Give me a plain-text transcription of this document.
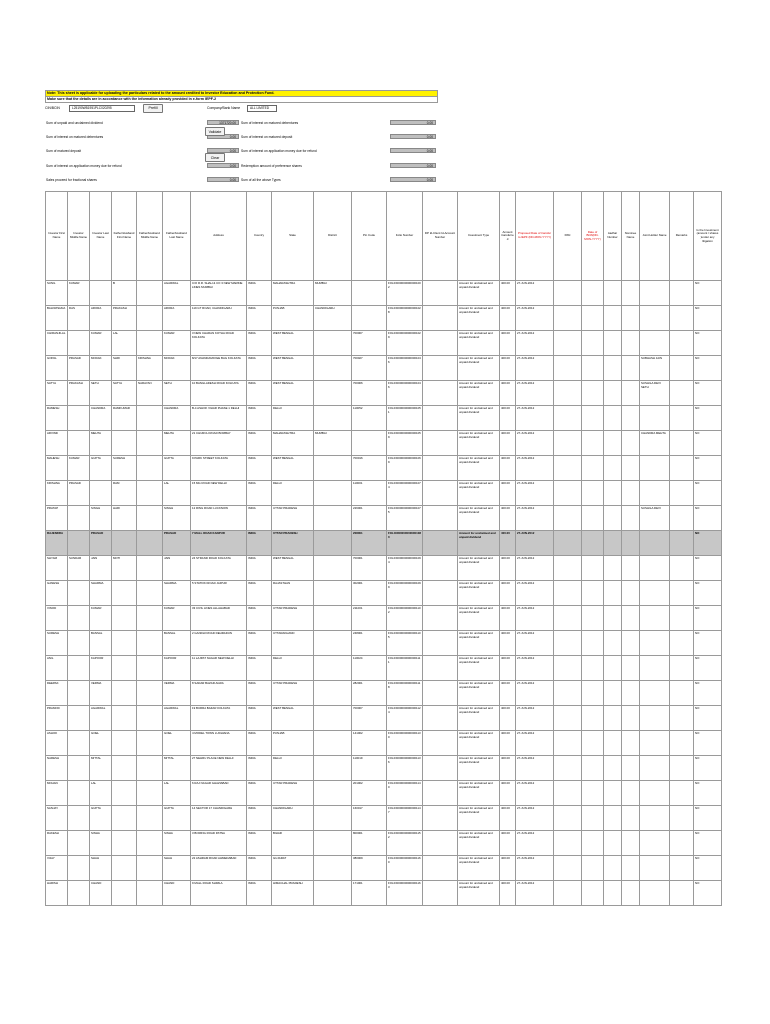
Note: This sheet is applicable for uploading the particulars related to the amount credited to Investor Education and Protection Fund.
Make sure that the details are in accordance with the information already provided in e-form IEPF-2
CIN/BCIN	L25190WB1951PLC020295	Prefill	Company/Bank Name	ALL LIMITED
Sum of unpaid and unclaimed dividend	1371720.00
Sum of interest on matured debentures	0.00
Sum of matured deposit	0.00
Sum of interest on application money due for refund	0.00
Sales proceed for fractional shares	0.00
Validate
Clear
Sum of interest on matured debentures	0.00
Sum of interest on matured deposit	0.00
Sum of interest on application money due for refund	0.00
Redemption amount of preference shares	0.00
Sum of all the above Types	0.00
Investor First Name	Investor Middle Name	Investor Last Name	Father/Husband First Name	Father/Husband Middle Name	Father/Husband Last Name	Address	Country	State	District	Pin Code	Folio Number	DP Id-Client Id-Account Number	Investment Type	Amount transferred	Proposed Date of transfer to IEPF (DD-MON-YYYY)	PAN	Date of Birth(DD-MON-YYYY)	Aadhar Number	Nominee Name	Joint Holder Name	Remarks	Is the Investment (amount / shares )under any litigation
SUNIL	KUMAR		B		AGARWAL	C/O R.R. SHAH & CO 3 NEW MARINE LINES MUMBAI	INDIA	MAHARASHTRA	MUMBAI		FOLIO0000000000001002		Amount for unclaimed and unpaid dividend	400.00	27-JUN-2012							NO
BALKRISHNA	DAS	ARORA	PRAKASH		ARORA	119 GT ROAD, CHANDIGARH	INDIA	PUNJAB	CHANDIGARH		FOLIO0000000000001028		Amount for unclaimed and unpaid dividend	400.00	27-JUN-2012							NO
CHIRANJILAL		KUMAR	LAL		KUMAR	3 NEW CHARAN KOTHA ROAD KOLKATA	INDIA	WEST BENGAL		700007	FOLIO0000000000001029		Amount for unclaimed and unpaid dividend	400.00	27-JUN-2012							NO
GOPAL	PRASAD	MODAK	SHRI	KRISHNA	MODAK	8/17 ANANDAMAYEE BAG KOLKATA	INDIA	WEST BENGAL		700027	FOLIO0000000000001046		Amount for unclaimed and unpaid dividend	400.00	27-JUN-2012					SUBHASH JAIN		NO
SATYA	PRAKASH	SETH	SATYA	NARAYAN	SETH	10 BANGLADESH ROAD KOLKATA	INDIA	WEST BENGAL		700006	FOLIO0000000000001046		Amount for unclaimed and unpaid dividend	400.00	27-JUN-2012					SUSHILA DEVI SETH		NO
RAMESH		CHANDRA	RAMKUMAR		CHANDRA	B-4 ASHOK VIHAR PHASE 1 DELHI	INDIA	DELHI		110052	FOLIO0000000000001051		Amount for unclaimed and unpaid dividend	400.00	27-JUN-2012							NO
ARVIND		MEHTA			MEHTA	21 CHURCH ROAD BOMBAY	INDIA	MAHARASHTRA	MUMBAI		FOLIO0000000000001059		Amount for unclaimed and unpaid dividend	400.00	27-JUN-2012					CHANDRA MEHTA		NO
MAHESH	KUMAR	GUPTA	SURESH		GUPTA	9 PARK STREET KOLKATA	INDIA	WEST BENGAL		700016	FOLIO0000000000001069		Amount for unclaimed and unpaid dividend	400.00	27-JUN-2012							NO
KRISHNA	PRASAD		RAM		LAL	15 MG ROAD NEW DELHI	INDIA	DELHI		110001	FOLIO0000000000001074		Amount for unclaimed and unpaid dividend	400.00	27-JUN-2012							NO
PRATAP		SINGH	HARI		SINGH	12 RING ROAD LUCKNOW	INDIA	UTTAR PRADESH		226001	FOLIO0000000000001075		Amount for unclaimed and unpaid dividend	400.00	27-JUN-2012					SUSHILA DEVI		NO
RAJENDRA		PRASAD			PRASAD	7 MALL ROAD KANPUR	INDIA	UTTAR PRADESH		208001	FOLIO0000000000001080		Amount for unclaimed and unpaid dividend	400.00	27-JUN-2012							NO
SHYAM	SUNDAR	JAIN	MOTI		JAIN	24 STRAND ROAD KOLKATA	INDIA	WEST BENGAL		700001	FOLIO0000000000001094		Amount for unclaimed and unpaid dividend	400.00	27-JUN-2012							NO
GANESH		SHARMA			SHARMA	5 STATION ROAD JAIPUR	INDIA	RAJASTHAN		302001	FOLIO0000000000001099		Amount for unclaimed and unpaid dividend	400.00	27-JUN-2012							NO
VINOD		KUMAR			KUMAR	33 CIVIL LINES ALLAHABAD	INDIA	UTTAR PRADESH		211001	FOLIO0000000000001102		Amount for unclaimed and unpaid dividend	400.00	27-JUN-2012							NO
SURESH		BANSAL			BANSAL	2 GANDHI ROAD DEHRADUN	INDIA	UTTARAKHAND		248001	FOLIO0000000000001105		Amount for unclaimed and unpaid dividend	400.00	27-JUN-2012							NO
ANIL		KAPOOR			KAPOOR	11 LAJPAT NAGAR NEW DELHI	INDIA	DELHI		110024	FOLIO0000000000001111		Amount for unclaimed and unpaid dividend	400.00	27-JUN-2012							NO
DEEPAK		VERMA			VERMA	8 SADAR BAZAR AGRA	INDIA	UTTAR PRADESH		282001	FOLIO0000000000001118		Amount for unclaimed and unpaid dividend	400.00	27-JUN-2012							NO
PRAMOD		AGARWAL			AGARWAL	19 BURRA BAZAR KOLKATA	INDIA	WEST BENGAL		700007	FOLIO0000000000001124		Amount for unclaimed and unpaid dividend	400.00	27-JUN-2012							NO
ASHOK		GOEL			GOEL	4 MODEL TOWN LUDHIANA	INDIA	PUNJAB		141002	FOLIO0000000000001130		Amount for unclaimed and unpaid dividend	400.00	27-JUN-2012							NO
NARESH		MITTAL			MITTAL	27 NEHRU PLACE NEW DELHI	INDIA	DELHI		110019	FOLIO0000000000001136		Amount for unclaimed and unpaid dividend	400.00	27-JUN-2012							NO
MOHAN		LAL			LAL	6 RAJ NAGAR GHAZIABAD	INDIA	UTTAR PRADESH		201002	FOLIO0000000000001140		Amount for unclaimed and unpaid dividend	400.00	27-JUN-2012							NO
SANJAY		GUPTA			GUPTA	14 SECTOR 17 CHANDIGARH	INDIA	CHANDIGARH		160017	FOLIO0000000000001147		Amount for unclaimed and unpaid dividend	400.00	27-JUN-2012							NO
RAKESH		SINHA			SINHA	3 BORING ROAD PATNA	INDIA	BIHAR		800001	FOLIO0000000000001152		Amount for unclaimed and unpaid dividend	400.00	27-JUN-2012							NO
VIJAY		SHAH			SHAH	22 ASHRAM ROAD AHMEDABAD	INDIA	GUJARAT		380009	FOLIO0000000000001160		Amount for unclaimed and unpaid dividend	400.00	27-JUN-2012							NO
HARISH		CHAND			CHAND	9 MALL ROAD SHIMLA	INDIA	HIMACHAL PRADESH		171001	FOLIO0000000000001163		Amount for unclaimed and unpaid dividend	400.00	27-JUN-2012							NO
